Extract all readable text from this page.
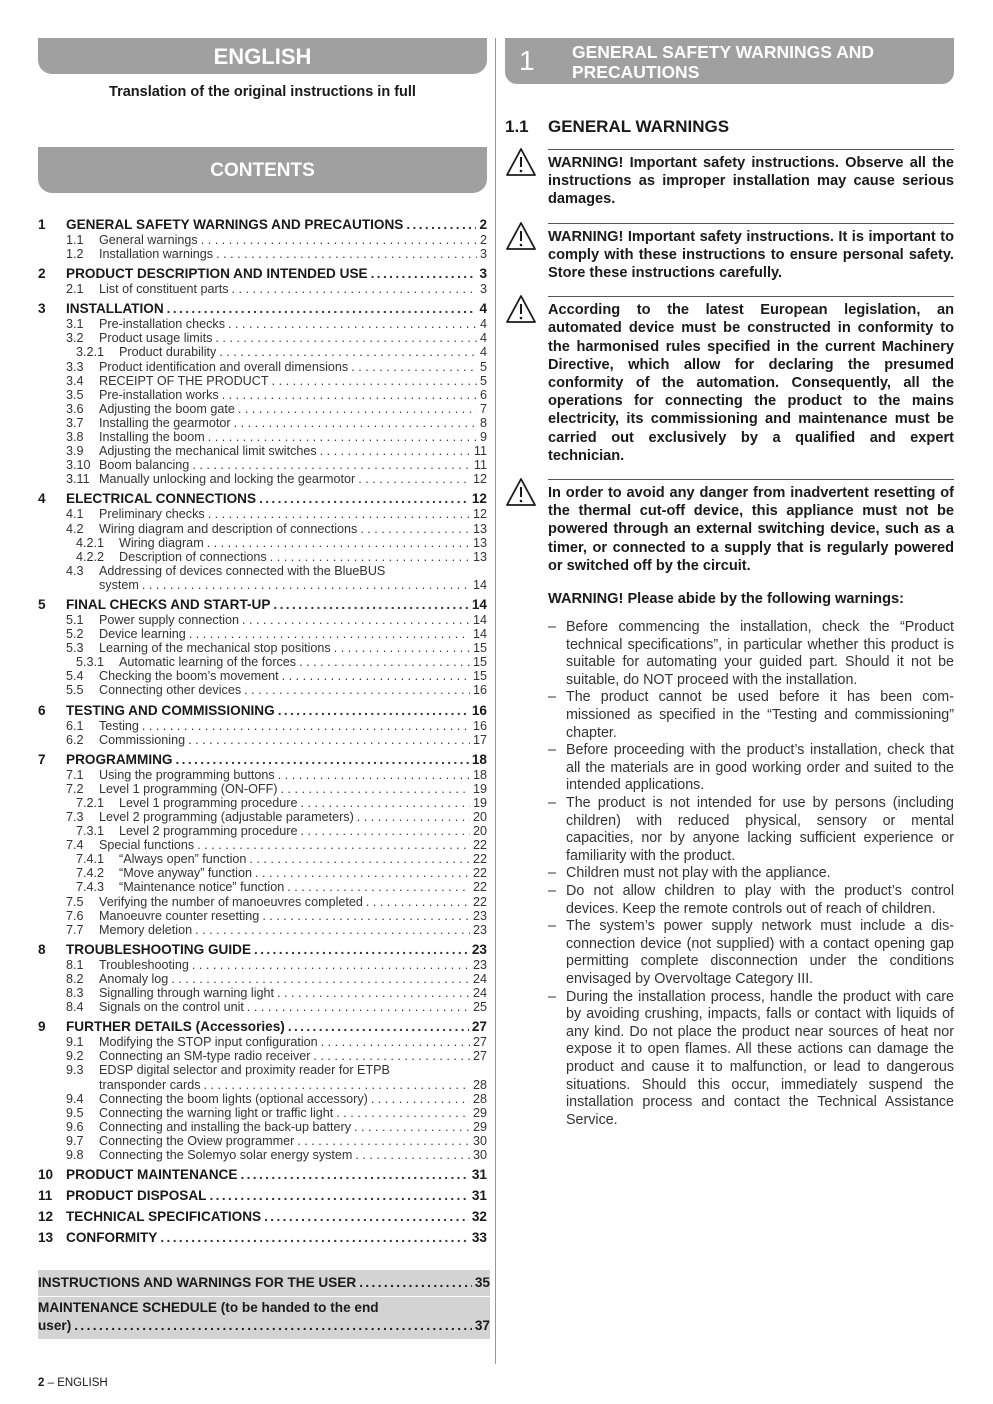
ENGLISH
Translation of the original instructions in full
CONTENTS
1	GENERAL SAFETY WARNINGS AND PRECAUTIONS .....	2
1.1	General warnings . . .	2
1.2	Installation warnings . . .	3
2	PRODUCT DESCRIPTION AND INTENDED USE .....	3
2.1	List of constituent parts . . .	3
3	INSTALLATION .....	4
3.1	Pre-installation checks . . .	4
3.2	Product usage limits . . .	4
3.2.1	Product durability . . .	4
3.3	Product identification and overall dimensions . . .	5
3.4	RECEIPT OF THE PRODUCT . . .	5
3.5	Pre-installation works . . .	6
3.6	Adjusting the boom gate . . .	7
3.7	Installing the gearmotor . . .	8
3.8	Installing the boom . . .	9
3.9	Adjusting the mechanical limit switches . . .	11
3.10 Boom balancing . . .	11
3.11 Manually unlocking and locking the gearmotor . . .	12
4	ELECTRICAL CONNECTIONS .....	12
4.1	Preliminary checks . . .	12
4.2	Wiring diagram and description of connections . . .	13
4.2.1	Wiring diagram . . .	13
4.2.2	Description of connections . . .	13
4.3	Addressing of devices connected with the BlueBUS
system . . .	14
5	FINAL CHECKS AND START-UP .....	14
5.1	Power supply connection . . .	14
5.2	Device learning . . .	14
5.3	Learning of the mechanical stop positions . . .	15
5.3.1	Automatic learning of the forces . . .	15
5.4	Checking the boom’s movement . . .	15
5.5	Connecting other devices . . .	16
6	TESTING AND COMMISSIONING .....	16
6.1	Testing . . .	16
6.2	Commissioning . . .	17
7	PROGRAMMING .....	18
7.1	Using the programming buttons . . .	18
7.2	Level 1 programming (ON-OFF) . . .	19
7.2.1	Level 1 programming procedure . . .	19
7.3	Level 2 programming (adjustable parameters) . . .	20
7.3.1	Level 2 programming procedure . . .	20
7.4	Special functions . . .	22
7.4.1	“Always open” function . . .	22
7.4.2	“Move anyway” function . . .	22
7.4.3	“Maintenance notice” function . . .	22
7.5	Verifying the number of manoeuvres completed . . .	22
7.6	Manoeuvre counter resetting . . .	23
7.7	Memory deletion . . .	23
8	TROUBLESHOOTING GUIDE .....	23
8.1	Troubleshooting . . .	23
8.2	Anomaly log . . .	24
8.3	Signalling through warning light . . .	24
8.4	Signals on the control unit . . .	25
9	FURTHER DETAILS (Accessories) .....	27
9.1	Modifying the STOP input configuration . . .	27
9.2	Connecting an SM-type radio receiver . . .	27
9.3	EDSP digital selector and proximity reader for ETPB
transponder cards . . .	28
9.4	Connecting the boom lights (optional accessory) . . .	28
9.5	Connecting the warning light or traffic light . . .	29
9.6	Connecting and installing the back-up battery . . .	29
9.7	Connecting the Oview programmer . . .	30
9.8	Connecting the Solemyo solar energy system . . .	30
10 PRODUCT MAINTENANCE .....	31
11	PRODUCT DISPOSAL .....	31
12 TECHNICAL SPECIFICATIONS .....	32
13 CONFORMITY .....	33
INSTRUCTIONS AND WARNINGS FOR THE USER .....	35
MAINTENANCE SCHEDULE (to be handed to the end
user) .....	37
2 – ENGLISH
1 GENERAL SAFETY WARNINGS AND
PRECAUTIONS
1.1 GENERAL WARNINGS
WARNING! Important safety instructions. Observe all the instructions as improper installation may cause serious damages.
WARNING! Important safety instructions. It is important to comply with these instructions to ensure personal safety. Store these instructions carefully.
According to the latest European legislation, an automated device must be constructed in conformity to the harmonised rules specified in the current Machinery Directive, which allow for declaring the presumed conformity of the automation. Consequently, all the operations for connecting the product to the mains electricity, its commissioning and maintenance must be carried out exclusively by a qualified and expert technician.
In order to avoid any danger from inadvertent resetting of the thermal cut-off device, this appliance must not be powered through an external switching device, such as a timer, or connected to a supply that is regularly powered or switched off by the circuit.
WARNING! Please abide by the following warnings:
– Before commencing the installation, check the “Product technical specifications”, in particular whether this product is suitable for automating your guided part. Should it not be suitable, do NOT proceed with the installation.
– The product cannot be used before it has been commissioned as specified in the “Testing and commissioning” chapter.
– Before proceeding with the product’s installation, check that all the materials are in good working order and suited to the intended applications.
– The product is not intended for use by persons (including children) with reduced physical, sensory or mental capacities, nor by anyone lacking sufficient experience or familiarity with the product.
– Children must not play with the appliance.
– Do not allow children to play with the product’s control devices. Keep the remote controls out of reach of children.
– The system’s power supply network must include a disconnection device (not supplied) with a contact opening gap permitting complete disconnection under the conditions envisaged by Overvoltage Category III.
– During the installation process, handle the product with care by avoiding crushing, impacts, falls or contact with liquids of any kind. Do not place the product near sources of heat nor expose it to open flames. All these actions can damage the product and cause it to malfunction, or lead to dangerous situations. Should this occur, immediately suspend the installation process and contact the Technical Assistance Service.
